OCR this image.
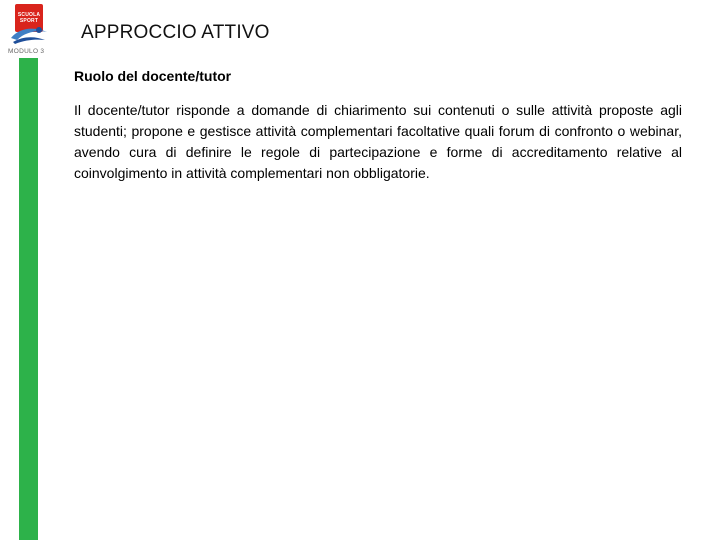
SCUOLA
SPORT
MODULO 3
APPROCCIO ATTIVO
Ruolo del docente/tutor
Il docente/tutor risponde a domande di chiarimento sui contenuti o sulle attività proposte agli studenti; propone e gestisce attività complementari facoltative quali forum di confronto o webinar, avendo cura di definire le regole di partecipazione e forme di accreditamento relative al coinvolgimento in attività complementari non obbligatorie.
